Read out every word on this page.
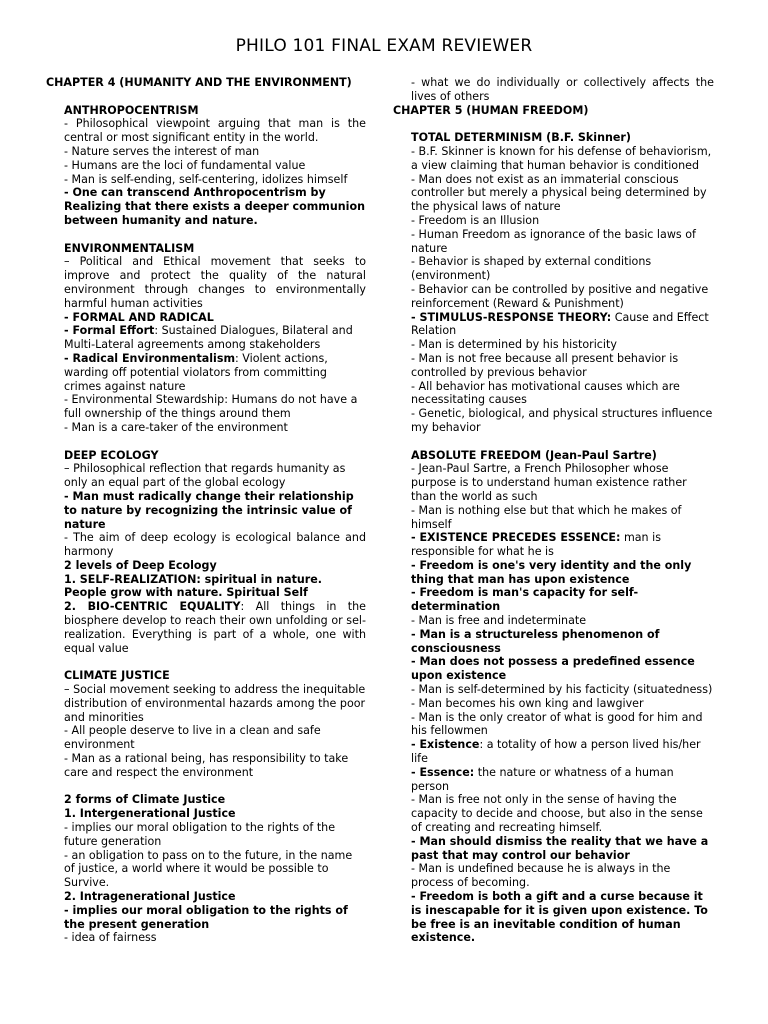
PHILO 101 FINAL EXAM REVIEWER

CHAPTER 4 (HUMANITY AND THE ENVIRONMENT)

ANTHROPOCENTRISM

- Philosophical viewpoint arguing that man is the central or most significant entity in the world.

- Nature serves the interest of man

- Humans are the loci of fundamental value

- Man is self-ending, self-centering, idolizes himself

- One can transcend Anthropocentrism by Realizing that there exists a deeper communion between humanity and nature.

ENVIRONMENTALISM

– Political and Ethical movement that seeks to improve and protect the quality of the natural environment through changes to environmentally harmful human activities

- FORMAL AND RADICAL

- Formal Effort: Sustained Dialogues, Bilateral and Multi-Lateral agreements among stakeholders

- Radical Environmentalism: Violent actions, warding off potential violators from committing crimes against nature

- Environmental Stewardship: Humans do not have a full ownership of the things around them

- Man is a care-taker of the environment

DEEP ECOLOGY

– Philosophical reflection that regards humanity as only an equal part of the global ecology

- Man must radically change their relationship to nature by recognizing the intrinsic value of nature

- The aim of deep ecology is ecological balance and harmony

2 levels of Deep Ecology

1. SELF-REALIZATION: spiritual in nature. People grow with nature. Spiritual Self

2. BIO-CENTRIC EQUALITY: All things in the biosphere develop to reach their own unfolding or sel-realization. Everything is part of a whole, one with equal value

CLIMATE JUSTICE

– Social movement seeking to address the inequitable distribution of environmental hazards among the poor and minorities

- All people deserve to live in a clean and safe environment

- Man as a rational being, has responsibility to take care and respect the environment

2 forms of Climate Justice

1. Intergenerational Justice

- implies our moral obligation to the rights of the future generation

- an obligation to pass on to the future, in the name of justice, a world where it would be possible to Survive.

2. Intragenerational Justice

- implies our moral obligation to the rights of the present generation

- idea of fairness

- what we do individually or collectively affects the lives of others

CHAPTER 5 (HUMAN FREEDOM)

TOTAL DETERMINISM (B.F. Skinner)

- B.F. Skinner is known for his defense of behaviorism, a view claiming that human behavior is conditioned

- Man does not exist as an immaterial conscious controller but merely a physical being determined by the physical laws of nature

- Freedom is an Illusion

- Human Freedom as ignorance of the basic laws of nature

- Behavior is shaped by external conditions (environment)

- Behavior can be controlled by positive and negative reinforcement (Reward & Punishment)

- STIMULUS-RESPONSE THEORY: Cause and Effect Relation

- Man is determined by his historicity

- Man is not free because all present behavior is controlled by previous behavior

- All behavior has motivational causes which are necessitating causes

- Genetic, biological, and physical structures influence my behavior

ABSOLUTE FREEDOM (Jean-Paul Sartre)

- Jean-Paul Sartre, a French Philosopher whose purpose is to understand human existence rather than the world as such

- Man is nothing else but that which he makes of himself

- EXISTENCE PRECEDES ESSENCE: man is responsible for what he is

- Freedom is one's very identity and the only thing that man has upon existence

- Freedom is man's capacity for self-determination

- Man is free and indeterminate

- Man is a structureless phenomenon of consciousness

- Man does not possess a predefined essence upon existence

- Man is self-determined by his facticity (situatedness)

- Man becomes his own king and lawgiver

- Man is the only creator of what is good for him and his fellowmen

- Existence: a totality of how a person lived his/her life

- Essence: the nature or whatness of a human person

- Man is free not only in the sense of having the capacity to decide and choose, but also in the sense of creating and recreating himself.

- Man should dismiss the reality that we have a past that may control our behavior

- Man is undefined because he is always in the process of becoming.

- Freedom is both a gift and a curse because it is inescapable for it is given upon existence. To be free is an inevitable condition of human existence.
